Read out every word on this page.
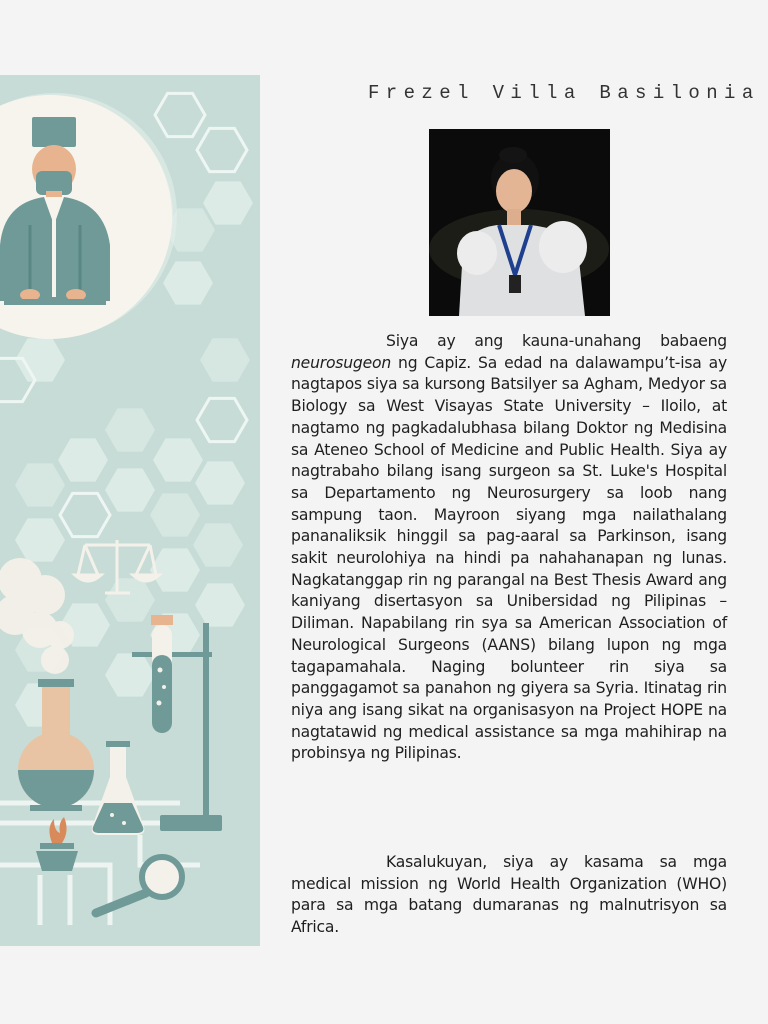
Frezel Villa Basilonia

Siya ay ang kauna-unahang babaeng neurosugeon ng Capiz. Sa edad na dalawampu’t-isa ay nagtapos siya sa kursong Batsilyer sa Agham, Medyor sa Biology sa West Visayas State University – Iloilo, at nagtamo ng pagkadalubhasa bilang Doktor ng Medisina sa Ateneo School of Medicine and Public Health. Siya ay nagtrabaho bilang isang surgeon sa St. Luke's Hospital sa Departamento ng Neurosurgery sa loob nang sampung taon. Mayroon siyang mga nailathalang pananaliksik hinggil sa pag-aaral sa Parkinson, isang sakit neurolohiya na hindi pa nahahanapan ng lunas. Nagkatanggap rin ng parangal na Best Thesis Award ang kaniyang disertasyon sa Unibersidad ng Pilipinas – Diliman. Napabilang rin sya sa American Association of Neurological Surgeons (AANS) bilang lupon ng mga tagapamahala. Naging bolunteer rin siya sa panggagamot sa panahon ng giyera sa Syria. Itinatag rin niya ang isang sikat na organisasyon na Project HOPE na nagtatawid ng medical assistance sa mga mahihirap na probinsya ng Pilipinas.

Kasalukuyan, siya ay kasama sa mga medical mission ng World Health Organization (WHO) para sa mga batang dumaranas ng malnutrisyon sa Africa.
